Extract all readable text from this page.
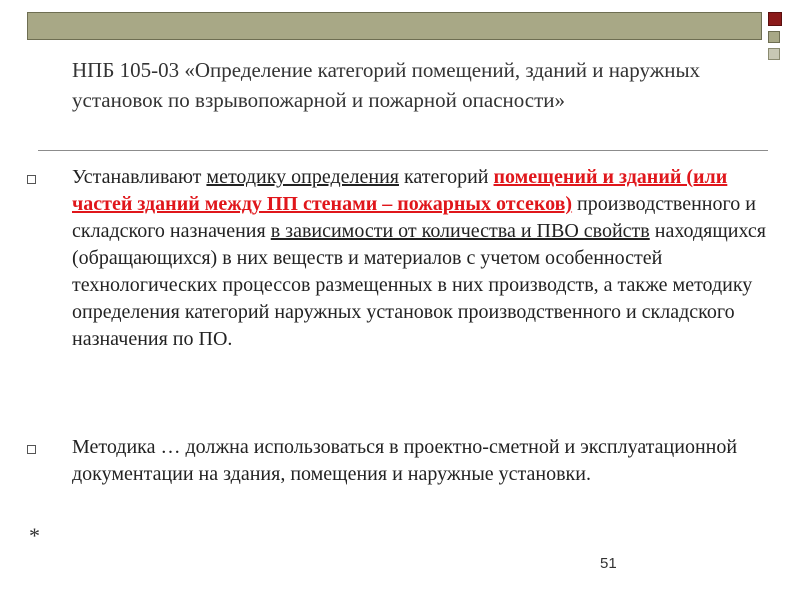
НПБ 105-03 «Определение категорий помещений, зданий и наружных установок по взрывопожарной и пожарной опасности»
Устанавливают методику определения категорий помещений и зданий (или частей зданий между ПП стенами – пожарных отсеков) производственного и складского назначения в зависимости от количества и ПВО свойств находящихся (обращающихся) в них веществ и материалов с учетом особенностей технологических процессов размещенных в них производств, а также методику определения категорий наружных установок производственного и складского назначения по ПО.
Методика … должна использоваться в проектно-сметной и эксплуатационной документации на здания, помещения и наружные установки.
*
51
